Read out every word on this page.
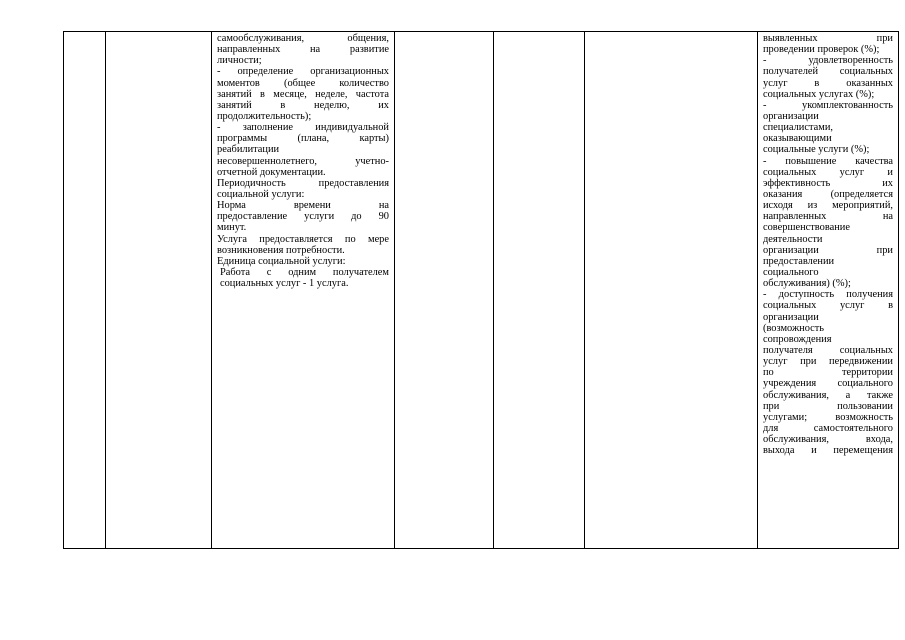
самообслуживания, общения,
направленных на развитие
личности;
- определение организационных
моментов (общее количество
занятий в месяце, неделе, частота
занятий в неделю, их
продолжительность);
- заполнение индивидуальной
программы (плана, карты)
реабилитации
несовершеннолетнего, учетно-
отчетной документации.
Периодичность предоставления
социальной услуги:
Норма времени на
предоставление услуги до 90
минут.
Услуга предоставляется по мере
возникновения потребности.
Единица социальной услуги:
Работа с одним получателем
социальных услуг - 1 услуга.

выявленных при
проведении проверок (%);
- удовлетворенность
получателей социальных
услуг в оказанных
социальных услугах (%);
- укомплектованность
организации
специалистами,
оказывающими
социальные услуги (%);
- повышение качества
социальных услуг и
эффективность их
оказания (определяется
исходя из мероприятий,
направленных на
совершенствование
деятельности
организации при
предоставлении
социального
обслуживания) (%);
- доступность получения
социальных услуг в
организации
(возможность
сопровождения
получателя социальных
услуг при передвижении
по территории
учреждения социального
обслуживания, а также
при пользовании
услугами; возможность
для самостоятельного
обслуживания, входа,
выхода и перемещения
